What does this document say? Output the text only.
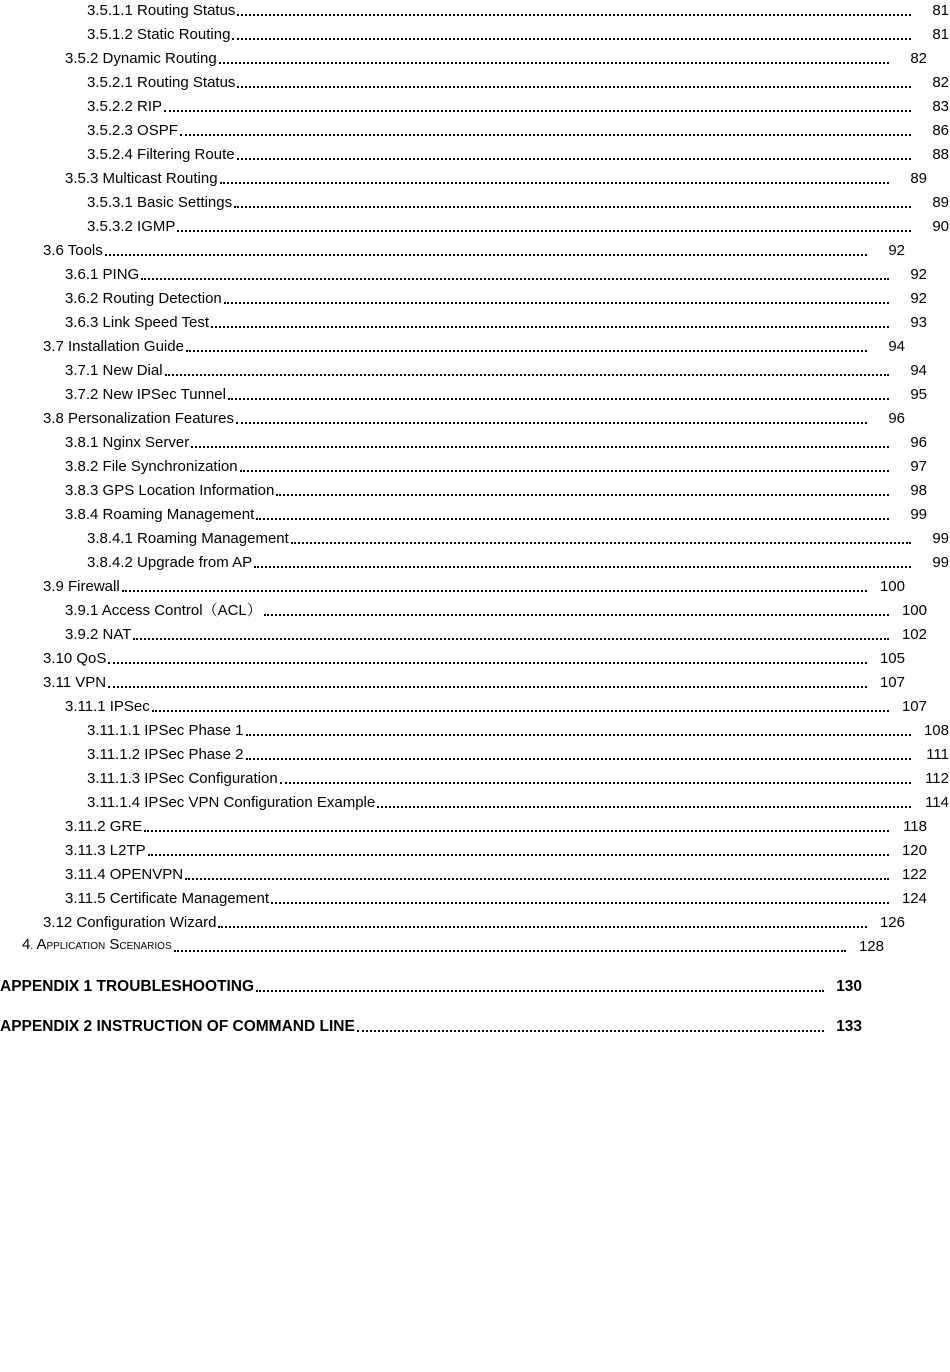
3.5.1.1 Routing Status	81
3.5.1.2 Static Routing	81
3.5.2 Dynamic Routing	82
3.5.2.1 Routing Status	82
3.5.2.2 RIP	83
3.5.2.3 OSPF	86
3.5.2.4 Filtering Route	88
3.5.3 Multicast Routing	89
3.5.3.1 Basic Settings	89
3.5.3.2 IGMP	90
3.6 Tools	92
3.6.1 PING	92
3.6.2 Routing Detection	92
3.6.3 Link Speed Test	93
3.7 Installation Guide	94
3.7.1 New Dial	94
3.7.2 New IPSec Tunnel	95
3.8 Personalization Features	96
3.8.1 Nginx Server	96
3.8.2 File Synchronization	97
3.8.3 GPS Location Information	98
3.8.4 Roaming Management	99
3.8.4.1 Roaming Management	99
3.8.4.2 Upgrade from AP	99
3.9 Firewall	100
3.9.1 Access Control（ACL）	100
3.9.2 NAT	102
3.10 QoS	105
3.11 VPN	107
3.11.1 IPSec	107
3.11.1.1 IPSec Phase 1	108
3.11.1.2 IPSec Phase 2	111
3.11.1.3 IPSec Configuration	112
3.11.1.4 IPSec VPN Configuration Example	114
3.11.2 GRE	118
3.11.3 L2TP	120
3.11.4 OPENVPN	122
3.11.5 Certificate Management	124
3.12 Configuration Wizard	126
4. APPLICATION SCENARIOS	128
APPENDIX 1 TROUBLESHOOTING	130
APPENDIX 2 INSTRUCTION OF COMMAND LINE	133
